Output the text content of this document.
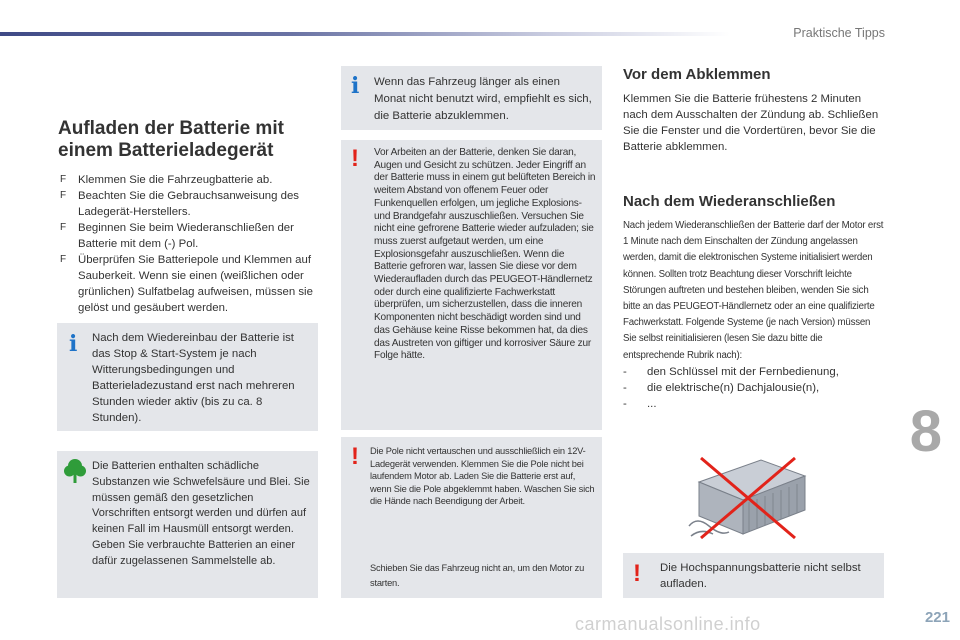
Praktische Tipps
8
221
carmanualsonline.info
Aufladen der Batterie mit einem Batterieladegerät
F Klemmen Sie die Fahrzeugbatterie ab.
F Beachten Sie die Gebrauchsanweisung des Ladegerät-Herstellers.
F Beginnen Sie beim Wiederanschließen der Batterie mit dem (-) Pol.
F Überprüfen Sie Batteriepole und Klemmen auf Sauberkeit. Wenn sie einen (weißlichen oder grünlichen) Sulfatbelag aufweisen, müssen sie gelöst und gesäubert werden.
i Nach dem Wiedereinbau der Batterie ist das Stop & Start-System je nach Witterungsbedingungen und Batterieladezustand erst nach mehreren Stunden wieder aktiv (bis zu ca. 8 Stunden).

Die Batterien enthalten schädliche Substanzen wie Schwefelsäure und Blei. Sie müssen gemäß den gesetzlichen Vorschriften entsorgt werden und dürfen auf keinen Fall im Hausmüll entsorgt werden. Geben Sie verbrauchte Batterien an einer dafür zugelassenen Sammelstelle ab.

i Wenn das Fahrzeug länger als einen Monat nicht benutzt wird, empfiehlt es sich, die Batterie abzuklemmen.

! Vor Arbeiten an der Batterie, denken Sie daran, Augen und Gesicht zu schützen. Jeder Eingriff an der Batterie muss in einem gut belüfteten Bereich in weitem Abstand von offenem Feuer oder Funkenquellen erfolgen, um jegliche Explosions- und Brandgefahr auszuschließen. Versuchen Sie nicht eine gefrorene Batterie wieder aufzuladen; sie muss zuerst aufgetaut werden, um eine Explosionsgefahr auszuschließen. Wenn die Batterie gefroren war, lassen Sie diese vor dem Wiederaufladen durch das PEUGEOT-Händlernetz oder durch eine qualifizierte Fachwerkstatt überprüfen, um sicherzustellen, dass die inneren Komponenten nicht beschädigt worden sind und das Gehäuse keine Risse bekommen hat, da dies das Austreten von giftiger und korrosiver Säure zur Folge hätte.

! Die Pole nicht vertauschen und ausschließlich ein 12V-Ladegerät verwenden. Klemmen Sie die Pole nicht bei laufendem Motor ab. Laden Sie die Batterie erst auf, wenn Sie die Pole abgeklemmt haben. Waschen Sie sich die Hände nach Beendigung der Arbeit.

Schieben Sie das Fahrzeug nicht an, um den Motor zu starten.

Vor dem Abklemmen

Klemmen Sie die Batterie frühestens 2 Minuten nach dem Ausschalten der Zündung ab. Schließen Sie die Fenster und die Vordertüren, bevor Sie die Batterie abklemmen.

Nach dem Wiederanschließen

Nach jedem Wiederanschließen der Batterie darf der Motor erst 1 Minute nach dem Einschalten der Zündung angelassen werden, damit die elektronischen Systeme initialisiert werden können. Sollten trotz Beachtung dieser Vorschrift leichte Störungen auftreten und bestehen bleiben, wenden Sie sich bitte an das PEUGEOT-Händlernetz oder an eine qualifizierte Fachwerkstatt. Folgende Systeme (je nach Version) müssen Sie selbst reinitialisieren (lesen Sie dazu bitte die entsprechende Rubrik nach):

- den Schlüssel mit der Fernbedienung,
- die elektrische(n) Dachjalousie(n),
- ...
! Die Hochspannungsbatterie nicht selbst aufladen.
